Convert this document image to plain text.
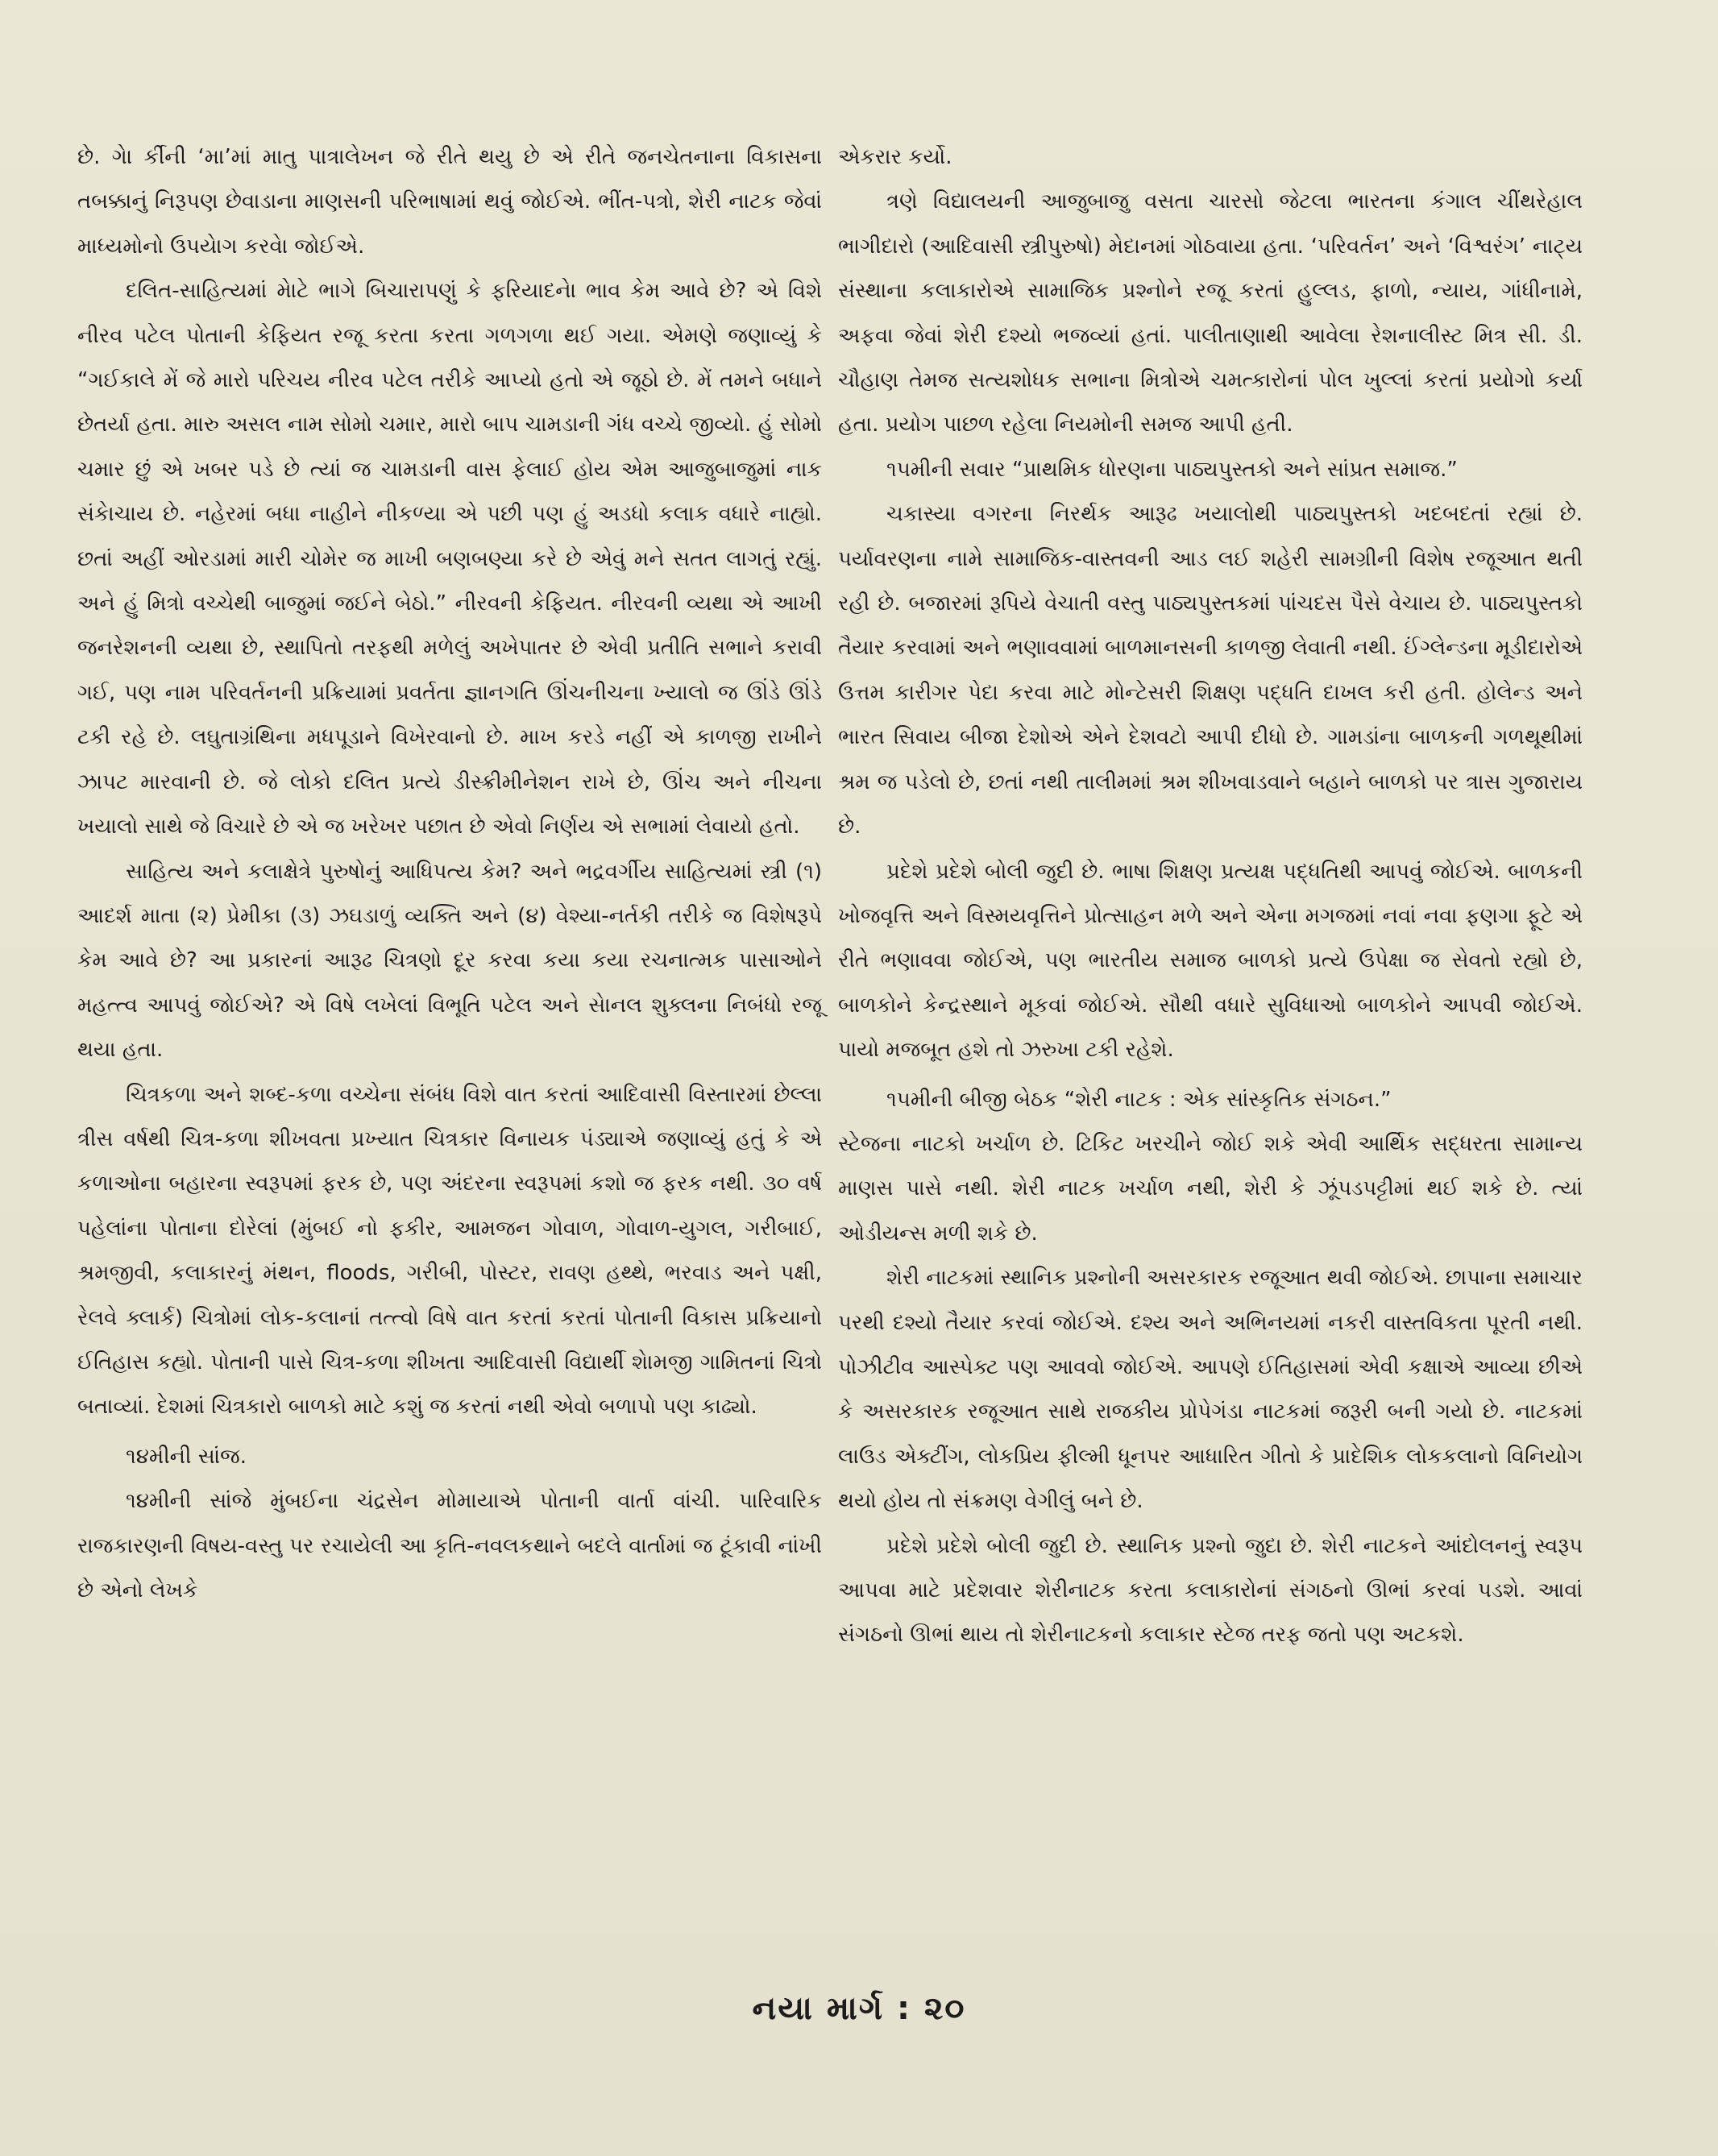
છે. ગેા ર્કીની ‘મા’માં માતુ પાત્રાલેખન જે રીતે થયુ છે એ રીતે જનચેતનાના વિકાસના તબક્કાનું નિરૂપણ છેવાડાના માણસની પરિભાષામાં થવું જોઈએ. ભીંત-પત્રો, શેરી નાટક જેવાં માધ્યમોનો ઉપયેાગ કરવેા જોઈએ.

દલિત-સાહિત્યમાં મેાટે ભાગે બિચારાપણું કે ફરિયાદનેા ભાવ કેમ આવે છે? એ વિશે નીરવ પટેલ પોતાની કેફિયત રજૂ કરતા કરતા ગળગળા થઈ ગયા. એમણે જણાવ્યું કે “ગઈકાલે મેં જે મારો પરિચય નીરવ પટેલ તરીકે આપ્યો હતો એ જૂઠો છે. મેં તમને બધાને છેતર્યા હતા. મારુ અસલ નામ સોમો ચમાર, મારો બાપ ચામડાની ગંધ વચ્ચે જીવ્યો. હું સોમો ચમાર છું એ ખબર પડે છે ત્યાં જ ચામડાની વાસ ફેલાઈ હોય એમ આજુબાજુમાં નાક સંકેાચાય છે. નહેરમાં બધા નાહીને નીકળ્યા એ પછી પણ હું અડધો કલાક વધારે નાહ્યો. છતાં અહીં ઓરડામાં મારી ચોમેર જ માખી બણબણ્યા કરે છે એવું મને સતત લાગતું રહ્યું. અને હું મિત્રો વચ્ચેથી બાજુમાં જઈને બેઠો.” નીરવની કેફિયત. નીરવની વ્યથા એ આખી જનરેશનની વ્યથા છે, સ્થાપિતો તરફથી મળેલું અખેપાતર છે એવી પ્રતીતિ સભાને કરાવી ગઈ, પણ નામ પરિવર્તનની પ્રક્રિયામાં પ્રવર્તતા જ્ઞાનગતિ ઊંચનીચના ખ્યાલો જ ઊંડે ઊંડે ટકી રહે છે. લઘુતાગ્રંથિના મધપૂડાને વિખેરવાનો છે. માખ કરડે નહીં એ કાળજી રાખીને ઝાપટ મારવાની છે. જે લોકો દલિત પ્રત્યે ડીસ્ક્રીમીનેશન રાખે છે, ઊંચ અને નીચના ખયાલો સાથે જે વિચારે છે એ જ ખરેખર પછાત છે એવો નિર્ણય એ સભામાં લેવાયો હતો.

સાહિત્ય અને કલાક્ષેત્રે પુરુષોનું આધિપત્ય કેમ? અને ભદ્રવર્ગીય સાહિત્યમાં સ્ત્રી (૧) આદર્શ માતા (૨) પ્રેમીકા (૩) ઝઘડાળું વ્યક્તિ અને (૪) વેશ્યા-નર્તકી તરીકે જ વિશેષરૂપે કેમ આવે છે? આ પ્રકારનાં આરૂઢ ચિત્રણો દૂર કરવા કયા કયા રચનાત્મક પાસાઓને મહત્ત્વ આપવું જોઈએ? એ વિષે લખેલાં વિભૂતિ પટેલ અને સેાનલ શુક્લના નિબંધો રજૂ થયા હતા.

ચિત્રકળા અને શબ્દ-કળા વચ્ચેના સંબંધ વિશે વાત કરતાં આદિવાસી વિસ્તારમાં છેલ્લા ત્રીસ વર્ષથી ચિત્ર-કળા શીખવતા પ્રખ્યાત ચિત્રકાર વિનાયક પંડ્યાએ જણાવ્યું હતું કે એ કળાઓના બહારના સ્વરૂપમાં ફરક છે, પણ અંદરના સ્વરૂપમાં કશો જ ફરક નથી. ૩૦ વર્ષ પહેલાંના પોતાના દોરેલાં (મુંબઈ નો ફકીર, આમજન ગોવાળ, ગોવાળ-યુગલ, ગરીબાઈ, શ્રમજીવી, કલાકારનું મંથન, floods, ગરીબી, પોસ્ટર, રાવણ હથ્થે, ભરવાડ અને પક્ષી, રેલવે ક્લાર્ક) ચિત્રોમાં લોક-કલાનાં તત્ત્વો વિષે વાત કરતાં કરતાં પોતાની વિકાસ પ્રક્રિયાનો ઈતિહાસ કહ્યો. પોતાની પાસે ચિત્ર-કળા શીખતા આદિવાસી વિદ્યાર્થી શેામજી ગામિતનાં ચિત્રો બતાવ્યાં. દેશમાં ચિત્રકારો બાળકો માટે કશું જ કરતાં નથી એવો બળાપો પણ કાઢ્યો.

૧૪મીની સાંજ.

૧૪મીની સાંજે મુંબઈના ચંદ્રસેન મોમાયાએ પોતાની વાર્તા વાંચી. પારિવારિક રાજકારણની વિષય-વસ્તુ પર રચાયેલી આ કૃતિ-નવલકથાને બદલે વાર્તામાં જ ટૂંકાવી નાંખી છે એનો લેખકે

એકરાર કર્યો.

ત્રણે વિદ્યાલયની આજુબાજુ વસતા ચારસો જેટલા ભારતના કંગાલ ચીંથરેહાલ ભાગીદારો (આદિવાસી સ્ત્રીપુરુષો) મેદાનમાં ગોઠવાયા હતા. ‘પરિવર્તન’ અને ‘વિશ્વરંગ’ નાટ્ય સંસ્થાના કલાકારોએ સામાજિક પ્રશ્નોને રજૂ કરતાં હુલ્લડ, ફાળો, ન્યાય, ગાંધીનામે, અફવા જેવાં શેરી દશ્યો ભજવ્યાં હતાં. પાલીતાણાથી આવેલા રેશનાલીસ્ટ મિત્ર સી. ડી. ચૌહાણ તેમજ સત્યશોધક સભાના મિત્રોએ ચમત્કારોનાં પોલ ખુલ્લાં કરતાં પ્રયોગો કર્યા હતા. પ્રયોગ પાછળ રહેલા નિયમોની સમજ આપી હતી.

૧૫મીની સવાર “પ્રાથમિક ધોરણના પાઠ્યપુસ્તકો અને સાંપ્રત સમાજ.”

ચકાસ્યા વગરના નિરર્થક આરૂઢ ખયાલોથી પાઠ્યપુસ્તકો ખદબદતાં રહ્યાં છે. પર્યાવરણના નામે સામાજિક-વાસ્તવની આડ લઈ શહેરી સામગ્રીની વિશેષ રજૂઆત થતી રહી છે. બજારમાં રૂપિયે વેચાતી વસ્તુ પાઠ્યપુસ્તકમાં પાંચદસ પૈસે વેચાય છે. પાઠ્યપુસ્તકો તૈયાર કરવામાં અને ભણાવવામાં બાળમાનસની કાળજી લેવાતી નથી. ઈંગ્લેન્ડના મૂડીદારોએ ઉત્તમ કારીગર પેદા કરવા માટે મોન્ટેસરી શિક્ષણ પદ્ધતિ દાખલ કરી હતી. હોલેન્ડ અને ભારત સિવાય બીજા દેશોએ એને દેશવટો આપી દીધો છે. ગામડાંના બાળકની ગળથૂથીમાં શ્રમ જ પડેલો છે, છતાં નથી તાલીમમાં શ્રમ શીખવાડવાને બહાને બાળકો પર ત્રાસ ગુજારાય છે.

પ્રદેશે પ્રદેશે બોલી જુદી છે. ભાષા શિક્ષણ પ્રત્યક્ષ પદ્ધતિથી આપવું જોઈએ. બાળકની ખોજવૃત્તિ અને વિસ્મયવૃત્તિને પ્રોત્સાહન મળે અને એના મગજમાં નવાં નવા ફણગા ફૂટે એ રીતે ભણાવવા જોઈએ, પણ ભારતીય સમાજ બાળકો પ્રત્યે ઉપેક્ષા જ સેવતો રહ્યો છે, બાળકોને કેન્દ્રસ્થાને મૂકવાં જોઈએ. સૌથી વધારે સુવિધાઓ બાળકોને આપવી જોઈએ. પાયો મજબૂત હશે તો ઝરુખા ટકી રહેશે.

૧૫મીની બીજી બેઠક “શેરી નાટક : એક સાંસ્કૃતિક સંગઠન.”

સ્ટેજના નાટકો ખર્ચાળ છે. ટિકિટ ખરચીને જોઈ શકે એવી આર્થિક સદ્ધરતા સામાન્ય માણસ પાસે નથી. શેરી નાટક ખર્ચાળ નથી, શેરી કે ઝૂંપડપટ્ટીમાં થઈ શકે છે. ત્યાં ઓડીયન્સ મળી શકે છે.

શેરી નાટકમાં સ્થાનિક પ્રશ્નોની અસરકારક રજૂઆત થવી જોઈએ. છાપાના સમાચાર પરથી દશ્યો તૈયાર કરવાં જોઈએ. દશ્ય અને અભિનયમાં નકરી વાસ્તવિકતા પૂરતી નથી. પોઝીટીવ આસ્પેક્ટ પણ આવવો જોઈએ. આપણે ઈતિહાસમાં એવી કક્ષાએ આવ્યા છીએ કે અસરકારક રજૂઆત સાથે રાજકીય પ્રોપેગંડા નાટકમાં જરૂરી બની ગયો છે. નાટકમાં લાઉડ એક્ટીંગ, લોકપ્રિય ફીલ્મી ધૂનપર આધારિત ગીતો કે પ્રાદેશિક લોકકલાનો વિનિયોગ થયો હોય તો સંક્રમણ વેગીલું બને છે.

પ્રદેશે પ્રદેશે બોલી જુદી છે. સ્થાનિક પ્રશ્નો જુદા છે. શેરી નાટકને આંદોલનનું સ્વરૂપ આપવા માટે પ્રદેશવાર શેરીનાટક કરતા કલાકારોનાં સંગઠનો ઊભાં કરવાં પડશે. આવાં સંગઠનો ઊભાં થાય તો શેરીનાટકનો કલાકાર સ્ટેજ તરફ જતો પણ અટકશે.

નયા માર્ગ : ૨૦
